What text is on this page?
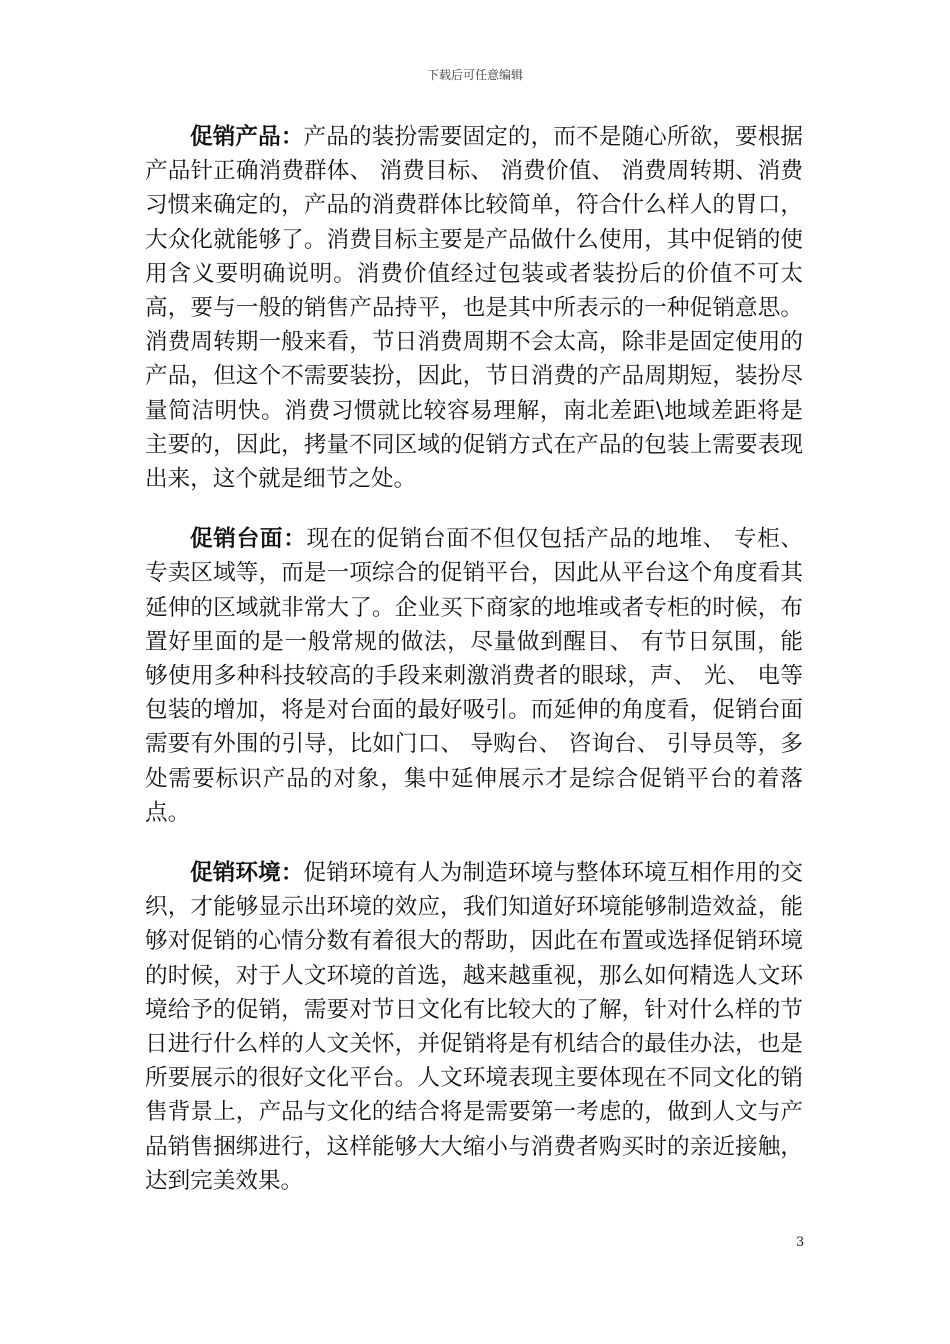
下载后可任意编辑

促销产品：产品的装扮需要固定的，而不是随心所欲，要根据产品针正确消费群体、 消费目标、 消费价值、 消费周转期、消费习惯来确定的，产品的消费群体比较简单，符合什么样人的胃口，大众化就能够了。消费目标主要是产品做什么使用，其中促销的使用含义要明确说明。消费价值经过包装或者装扮后的价值不可太高，要与一般的销售产品持平，也是其中所表示的一种促销意思。消费周转期一般来看，节日消费周期不会太高，除非是固定使用的产品，但这个不需要装扮，因此，节日消费的产品周期短，装扮尽量简洁明快。消费习惯就比较容易理解，南北差距\地域差距将是主要的，因此，拷量不同区域的促销方式在产品的包装上需要表现出来，这个就是细节之处。

促销台面：现在的促销台面不但仅包括产品的地堆、 专柜、专卖区域等，而是一项综合的促销平台，因此从平台这个角度看其延伸的区域就非常大了。企业买下商家的地堆或者专柜的时候，布置好里面的是一般常规的做法，尽量做到醒目、 有节日氛围，能够使用多种科技较高的手段来刺激消费者的眼球，声、 光、 电等包装的增加，将是对台面的最好吸引。而延伸的角度看，促销台面需要有外围的引导，比如门口、 导购台、 咨询台、 引导员等，多处需要标识产品的对象，集中延伸展示才是综合促销平台的着落点。

促销环境：促销环境有人为制造环境与整体环境互相作用的交织，才能够显示出环境的效应，我们知道好环境能够制造效益，能够对促销的心情分数有着很大的帮助，因此在布置或选择促销环境的时候，对于人文环境的首选，越来越重视，那么如何精选人文环境给予的促销，需要对节日文化有比较大的了解，针对什么样的节日进行什么样的人文关怀，并促销将是有机结合的最佳办法，也是所要展示的很好文化平台。人文环境表现主要体现在不同文化的销售背景上，产品与文化的结合将是需要第一考虑的，做到人文与产品销售捆绑进行，这样能够大大缩小与消费者购买时的亲近接触，达到完美效果。

3
